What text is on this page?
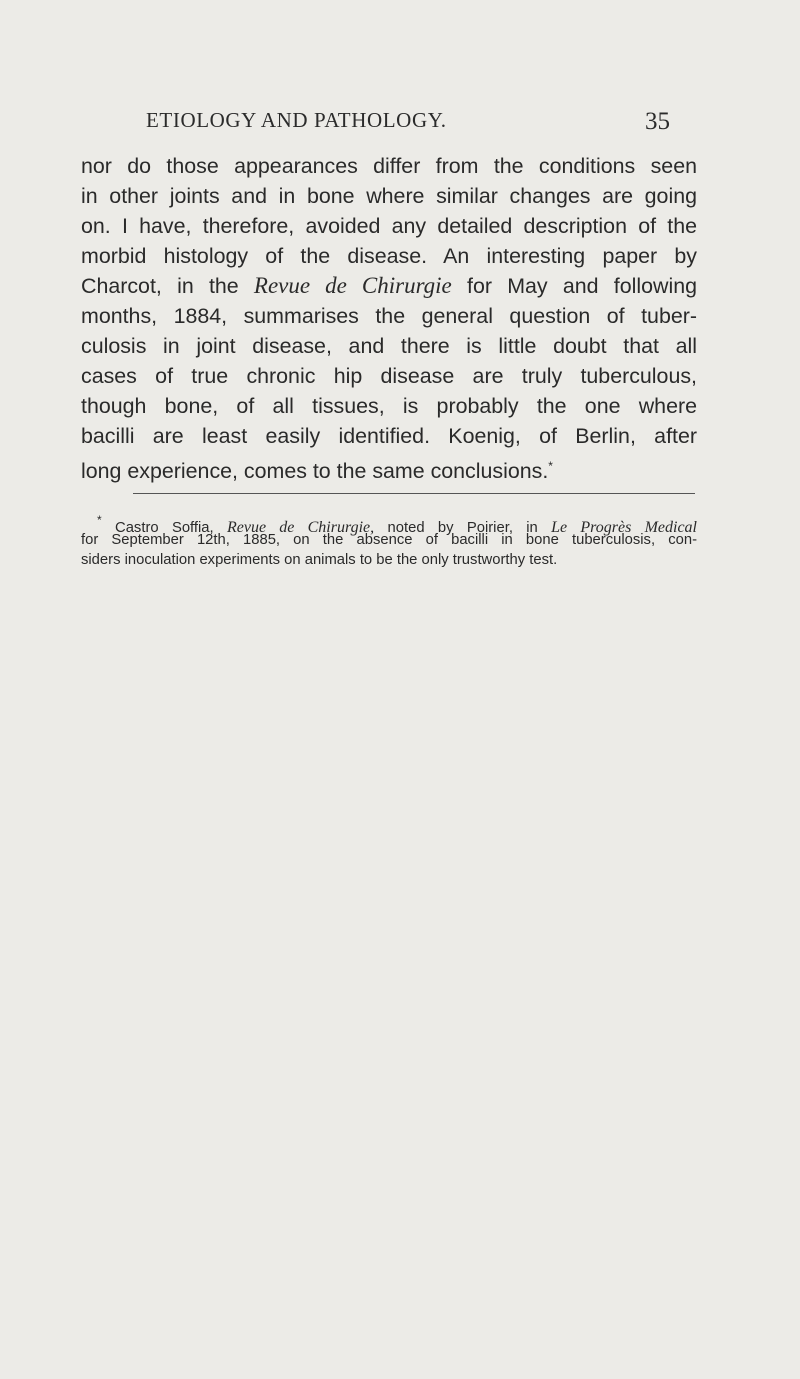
ETIOLOGY AND PATHOLOGY.	35
nor do those appearances differ from the conditions seen
in other joints and in bone where similar changes are going
on. I have, therefore, avoided any detailed description of the
morbid histology of the disease. An interesting paper by
Charcot, in the Revue de Chirurgie for May and following
months, 1884, summarises the general question of tuber-
culosis in joint disease, and there is little doubt that all
cases of true chronic hip disease are truly tuberculous,
though bone, of all tissues, is probably the one where
bacilli are least easily identified. Koenig, of Berlin, after
long experience, comes to the same conclusions.*
* Castro Soffia, Revue de Chirurgie, noted by Poirier, in Le Progrès Medical
for September 12th, 1885, on the absence of bacilli in bone tuberculosis, con-
siders inoculation experiments on animals to be the only trustworthy test.
